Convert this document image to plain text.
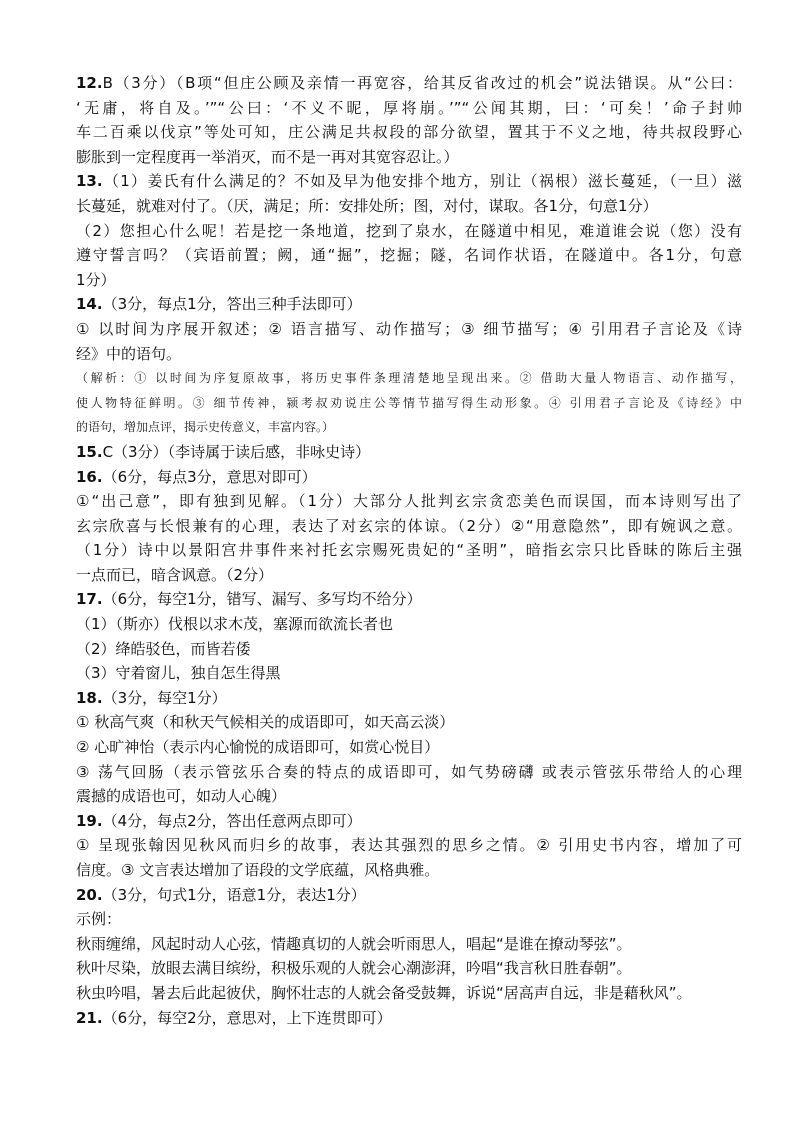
12.B（3分）（B项“但庄公顾及亲情一再宽容，给其反省改过的机会”说法错误。从“公曰：
‘无庸，将自及。’”“公曰：‘不义不昵，厚将崩。’”“公闻其期，曰：‘可矣！’命子封帅
车二百乘以伐京”等处可知，庄公满足共叔段的部分欲望，置其于不义之地，待共叔段野心
膨胀到一定程度再一举消灭，而不是一再对其宽容忍让。）
13.（1）姜氏有什么满足的？不如及早为他安排个地方，别让（祸根）滋长蔓延，（一旦）滋
长蔓延，就难对付了。（厌，满足；所：安排处所；图，对付，谋取。各1分，句意1分）
（2）您担心什么呢！若是挖一条地道，挖到了泉水，在隧道中相见，难道谁会说（您）没有
遵守誓言吗？（宾语前置；阙，通“掘”，挖掘；隧，名词作状语，在隧道中。各1分，句意
1分）
14.（3分，每点1分，答出三种手法即可）
① 以时间为序展开叙述；② 语言描写、动作描写；③ 细节描写；④ 引用君子言论及《诗
经》中的语句。
（解析：① 以时间为序复原故事，将历史事件条理清楚地呈现出来。② 借助大量人物语言、动作描写，
使人物特征鲜明。③ 细节传神，颍考叔劝说庄公等情节描写得生动形象。④ 引用君子言论及《诗经》中
的语句，增加点评，揭示史传意义，丰富内容。）
15.C（3分）（李诗属于读后感，非咏史诗）
16.（6分，每点3分，意思对即可）
①“出己意”，即有独到见解。（1分）大部分人批判玄宗贪恋美色而误国，而本诗则写出了
玄宗欣喜与长恨兼有的心理，表达了对玄宗的体谅。（2分）②“用意隐然”，即有婉讽之意。
（1分）诗中以景阳宫井事件来衬托玄宗赐死贵妃的“圣明”，暗指玄宗只比昏昧的陈后主强
一点而已，暗含讽意。（2分）
17.（6分，每空1分，错写、漏写、多写均不给分）
（1）（斯亦）伐根以求木茂，塞源而欲流长者也
（2）绛皓驳色，而皆若倭
（3）守着窗儿，独自怎生得黑
18.（3分，每空1分）
① 秋高气爽（和秋天气候相关的成语即可，如天高云淡）
② 心旷神怡（表示内心愉悦的成语即可，如赏心悦目）
③ 荡气回肠（表示管弦乐合奏的特点的成语即可，如气势磅礴 或表示管弦乐带给人的心理
震撼的成语也可，如动人心魄）
19.（4分，每点2分，答出任意两点即可）
① 呈现张翰因见秋风而归乡的故事，表达其强烈的思乡之情。② 引用史书内容，增加了可
信度。③ 文言表达增加了语段的文学底蕴，风格典雅。
20.（3分，句式1分，语意1分，表达1分）
示例：
秋雨缠绵，风起时动人心弦，情趣真切的人就会听雨思人，唱起“是谁在撩动琴弦”。
秋叶尽染，放眼去满目缤纷，积极乐观的人就会心潮澎湃，吟唱“我言秋日胜春朝”。
秋虫吟唱，暑去后此起彼伏，胸怀壮志的人就会备受鼓舞，诉说“居高声自远，非是藉秋风”。
21.（6分，每空2分，意思对，上下连贯即可）
